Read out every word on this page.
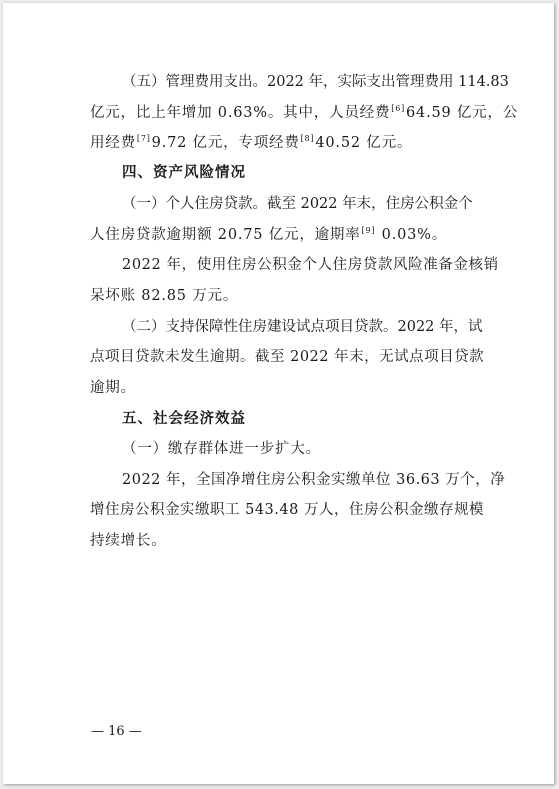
（五）管理费用支出。 2022 年，实际支出管理费用 114.83
亿元，比上年增加 0.63%。其中，人员经费[6]64.59 亿元，公
用经费[7]9.72 亿元，专项经费[8]40.52 亿元。
四、资产风险情况
（一）个人住房贷款。 截至 2022 年末，住房公积金个
人住房贷款逾期额 20.75 亿元，逾期率[9] 0.03%。
2022 年，使用住房公积金个人住房贷款风险准备金核销
呆坏账 82.85 万元。
（二）支持保障性住房建设试点项目贷款。 2022 年，试
点项目贷款未发生逾期。截至 2022 年末，无试点项目贷款
逾期。
五、社会经济效益
（一）缴存群体进一步扩大。
2022 年，全国净增住房公积金实缴单位 36.63 万个，净
增住房公积金实缴职工 543.48 万人，住房公积金缴存规模
持续增长。
— 16 —
